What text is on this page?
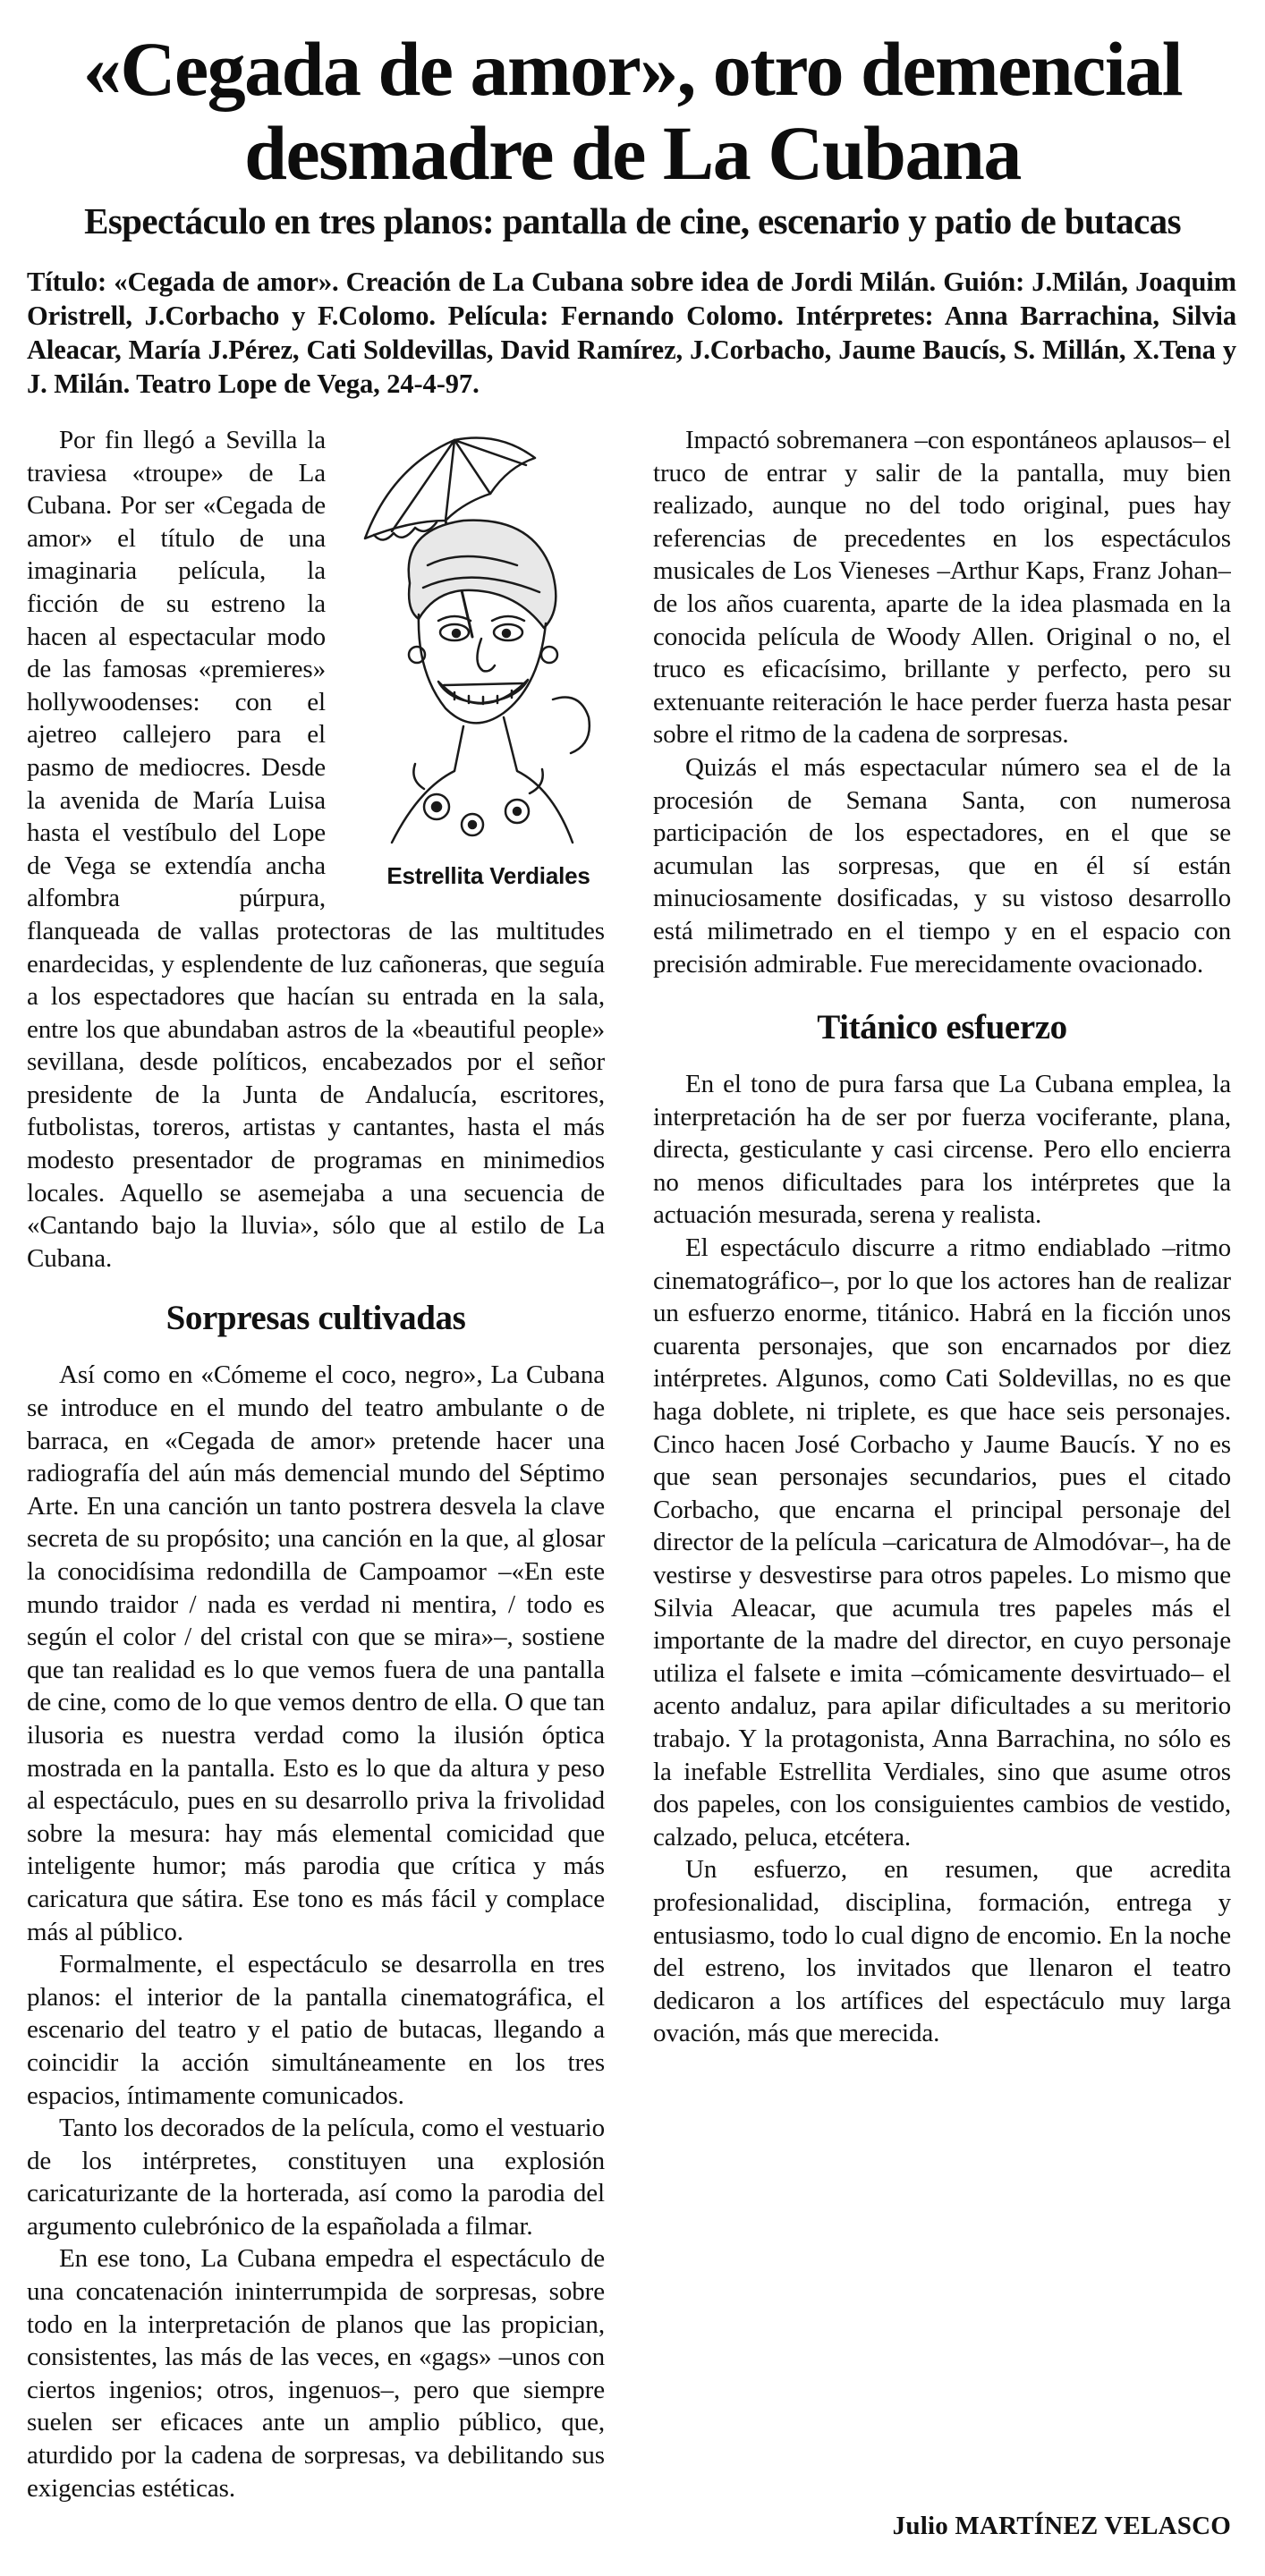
«Cegada de amor», otro demencial
desmadre de La Cubana

Espectáculo en tres planos: pantalla de cine, escenario y patio de butacas

Título: «Cegada de amor». Creación de La Cubana sobre idea de Jordi Milán. Guión: J.Milán, Joaquim Oristrell, J.Corbacho y F.Colomo. Película: Fernando Colomo. Intérpretes: Anna Barrachina, Silvia Aleacar, María J.Pérez, Cati Soldevillas, David Ramírez, J.Corbacho, Jaume Baucís, S. Millán, X.Tena y J. Milán. Teatro Lope de Vega, 24-4-97.

Estrellita Verdiales

Por fin llegó a Sevilla la traviesa «troupe» de La Cubana. Por ser «Cegada de amor» el título de una imaginaria película, la ficción de su estreno la hacen al espectacular modo de las famosas «premieres» hollywoodenses: con el ajetreo callejero para el pasmo de mediocres. Desde la avenida de María Luisa hasta el vestíbulo del Lope de Vega se extendía ancha alfombra púrpura, flanqueada de vallas protectoras de las multitudes enardecidas, y esplendente de luz cañoneras, que seguía a los espectadores que hacían su entrada en la sala, entre los que abundaban astros de la «beautiful people» sevillana, desde políticos, encabezados por el señor presidente de la Junta de Andalucía, escritores, futbolistas, toreros, artistas y cantantes, hasta el más modesto presentador de programas en minimedios locales. Aquello se asemejaba a una secuencia de «Cantando bajo la lluvia», sólo que al estilo de La Cubana.

Sorpresas cultivadas

Así como en «Cómeme el coco, negro», La Cubana se introduce en el mundo del teatro ambulante o de barraca, en «Cegada de amor» pretende hacer una radiografía del aún más demencial mundo del Séptimo Arte. En una canción un tanto postrera desvela la clave secreta de su propósito; una canción en la que, al glosar la conocidísima redondilla de Campoamor –«En este mundo traidor / nada es verdad ni mentira, / todo es según el color / del cristal con que se mira»–, sostiene que tan realidad es lo que vemos fuera de una pantalla de cine, como de lo que vemos dentro de ella. O que tan ilusoria es nuestra verdad como la ilusión óptica mostrada en la pantalla. Esto es lo que da altura y peso al espectáculo, pues en su desarrollo priva la frivolidad sobre la mesura: hay más elemental comicidad que inteligente humor; más parodia que crítica y más caricatura que sátira. Ese tono es más fácil y complace más al público.

Formalmente, el espectáculo se desarrolla en tres planos: el interior de la pantalla cinematográfica, el escenario del teatro y el patio de butacas, llegando a coincidir la acción simultáneamente en los tres espacios, íntimamente comunicados.

Tanto los decorados de la película, como el vestuario de los intérpretes, constituyen una explosión caricaturizante de la horterada, así como la parodia del argumento culebrónico de la españolada a filmar.

En ese tono, La Cubana empedra el espectáculo de una concatenación ininterrumpida de sorpresas, sobre todo en la interpretación de planos que las propician, consistentes, las más de las veces, en «gags» –unos con ciertos ingenios; otros, ingenuos–, pero que siempre suelen ser eficaces ante un amplio público, que, aturdido por la cadena de sorpresas, va debilitando sus exigencias estéticas.

Impactó sobremanera –con espontáneos aplausos– el truco de entrar y salir de la pantalla, muy bien realizado, aunque no del todo original, pues hay referencias de precedentes en los espectáculos musicales de Los Vieneses –Arthur Kaps, Franz Johan– de los años cuarenta, aparte de la idea plasmada en la conocida película de Woody Allen. Original o no, el truco es eficacísimo, brillante y perfecto, pero su extenuante reiteración le hace perder fuerza hasta pesar sobre el ritmo de la cadena de sorpresas.

Quizás el más espectacular número sea el de la procesión de Semana Santa, con numerosa participación de los espectadores, en el que se acumulan las sorpresas, que en él sí están minuciosamente dosificadas, y su vistoso desarrollo está milimetrado en el tiempo y en el espacio con precisión admirable. Fue merecidamente ovacionado.

Titánico esfuerzo

En el tono de pura farsa que La Cubana emplea, la interpretación ha de ser por fuerza vociferante, plana, directa, gesticulante y casi circense. Pero ello encierra no menos dificultades para los intérpretes que la actuación mesurada, serena y realista.

El espectáculo discurre a ritmo endiablado –ritmo cinematográfico–, por lo que los actores han de realizar un esfuerzo enorme, titánico. Habrá en la ficción unos cuarenta personajes, que son encarnados por diez intérpretes. Algunos, como Cati Soldevillas, no es que haga doblete, ni triplete, es que hace seis personajes. Cinco hacen José Corbacho y Jaume Baucís. Y no es que sean personajes secundarios, pues el citado Corbacho, que encarna el principal personaje del director de la película –caricatura de Almodóvar–, ha de vestirse y desvestirse para otros papeles. Lo mismo que Silvia Aleacar, que acumula tres papeles más el importante de la madre del director, en cuyo personaje utiliza el falsete e imita –cómicamente desvirtuado– el acento andaluz, para apilar dificultades a su meritorio trabajo. Y la protagonista, Anna Barrachina, no sólo es la inefable Estrellita Verdiales, sino que asume otros dos papeles, con los consiguientes cambios de vestido, calzado, peluca, etcétera.

Un esfuerzo, en resumen, que acredita profesionalidad, disciplina, formación, entrega y entusiasmo, todo lo cual digno de encomio. En la noche del estreno, los invitados que llenaron el teatro dedicaron a los artífices del espectáculo muy larga ovación, más que merecida.

Julio MARTÍNEZ VELASCO
